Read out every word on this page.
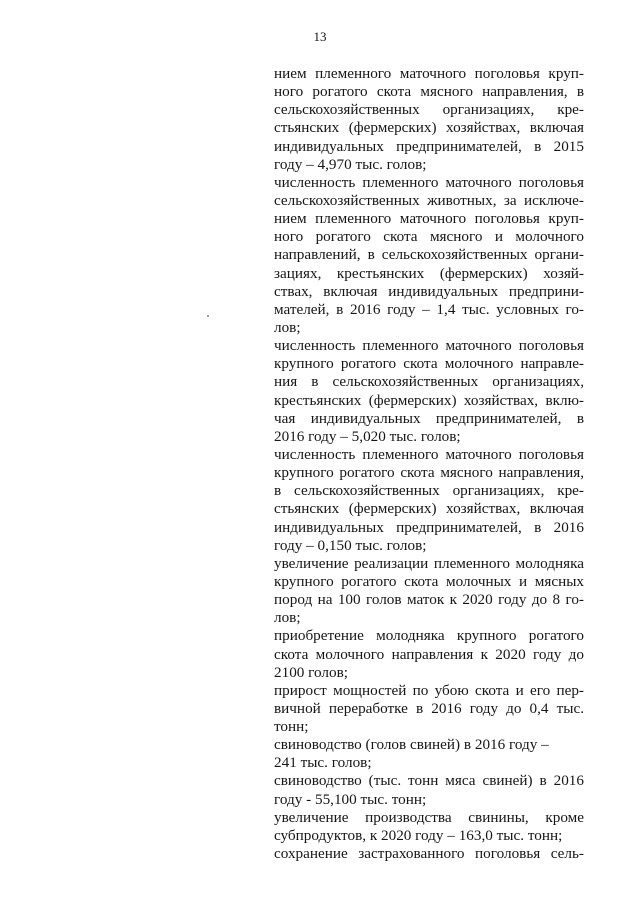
13
нием племенного маточного поголовья круп-
ного рогатого скота мясного направления, в
сельскохозяйственных организациях, кре-
стьянских (фермерских) хозяйствах, включая
индивидуальных предпринимателей, в 2015
году – 4,970 тыс. голов;
численность племенного маточного поголовья
сельскохозяйственных животных, за исключе-
нием племенного маточного поголовья круп-
ного рогатого скота мясного и молочного
направлений, в сельскохозяйственных органи-
зациях, крестьянских (фермерских) хозяй-
ствах, включая индивидуальных предприни-
мателей, в 2016 году – 1,4 тыс. условных го-
лов;
численность племенного маточного поголовья
крупного рогатого скота молочного направле-
ния в сельскохозяйственных организациях,
крестьянских (фермерских) хозяйствах, вклю-
чая индивидуальных предпринимателей, в
2016 году – 5,020 тыс. голов;
численность племенного маточного поголовья
крупного рогатого скота мясного направления,
в сельскохозяйственных организациях, кре-
стьянских (фермерских) хозяйствах, включая
индивидуальных предпринимателей, в 2016
году – 0,150 тыс. голов;
увеличение реализации племенного молодняка
крупного рогатого скота молочных и мясных
пород на 100 голов маток к 2020 году до 8 го-
лов;
приобретение молодняка крупного рогатого
скота молочного направления к 2020 году до
2100 голов;
прирост мощностей по убою скота и его пер-
вичной переработке в 2016 году до 0,4 тыс.
тонн;
свиноводство (голов свиней) в 2016 году –
241 тыс. голов;
свиноводство (тыс. тонн мяса свиней) в 2016
году - 55,100 тыс. тонн;
увеличение производства свинины, кроме
субпродуктов, к 2020 году – 163,0 тыс. тонн;
сохранение застрахованного поголовья сель-
